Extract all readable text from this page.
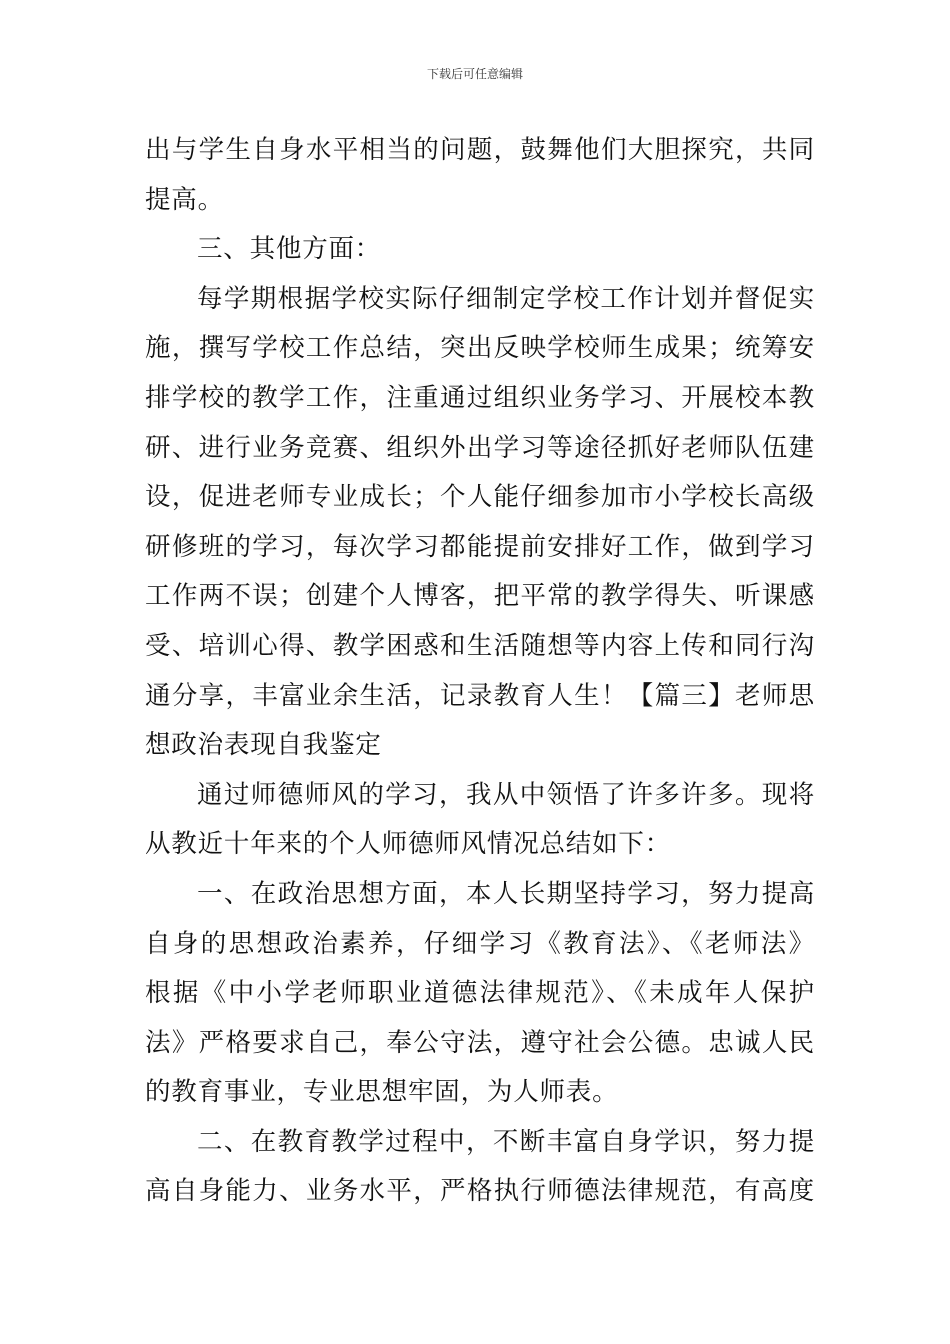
下载后可任意编辑
出与学生自身水平相当的问题，鼓舞他们大胆探究，共同
提高。
三、其他方面：
每学期根据学校实际仔细制定学校工作计划并督促实
施，撰写学校工作总结，突出反映学校师生成果；统筹安
排学校的教学工作，注重通过组织业务学习、开展校本教
研、进行业务竞赛、组织外出学习等途径抓好老师队伍建
设，促进老师专业成长；个人能仔细参加市小学校长高级
研修班的学习，每次学习都能提前安排好工作，做到学习
工作两不误；创建个人博客，把平常的教学得失、听课感
受、培训心得、教学困惑和生活随想等内容上传和同行沟
通分享，丰富业余生活，记录教育人生！【篇三】老师思
想政治表现自我鉴定
通过师德师风的学习，我从中领悟了许多许多。现将
从教近十年来的个人师德师风情况总结如下：
一、在政治思想方面，本人长期坚持学习，努力提高
自身的思想政治素养，仔细学习《教育法》、《老师法》
根据《中小学老师职业道德法律规范》、《未成年人保护
法》严格要求自己，奉公守法，遵守社会公德。忠诚人民
的教育事业，专业思想牢固，为人师表。
二、在教育教学过程中，不断丰富自身学识，努力提
高自身能力、业务水平，严格执行师德法律规范，有高度
